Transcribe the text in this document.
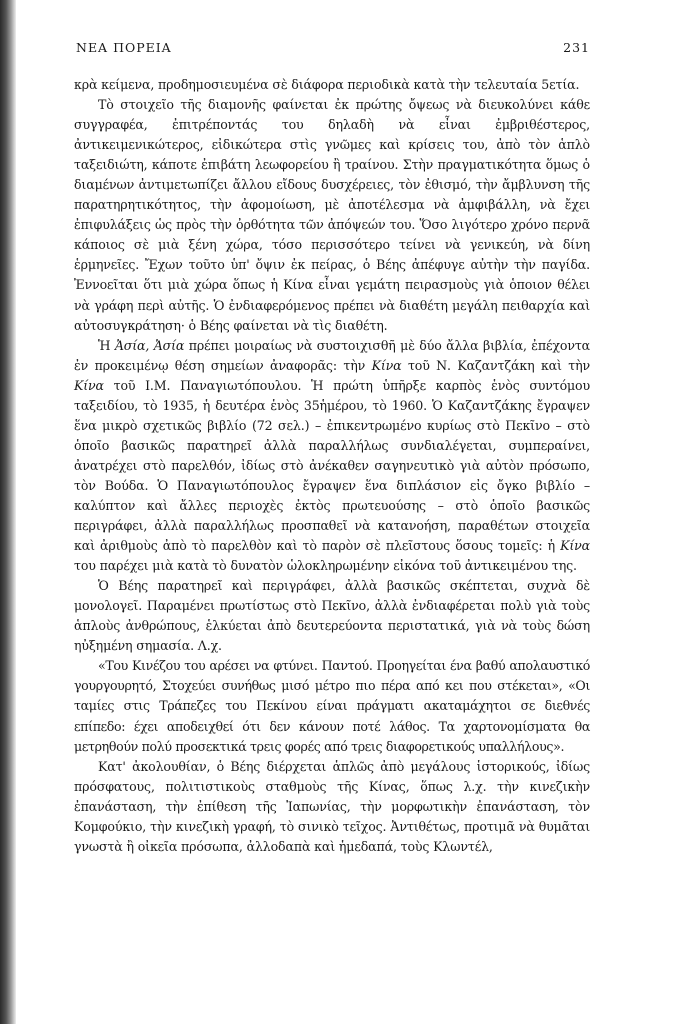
ΝΕΑ ΠΟΡΕΙΑ	231

κρὰ κείμενα, προδημοσιευμένα σὲ διάφορα περιοδικὰ κατὰ τὴν τελευταία 5ετία.

Τὸ στοιχεῖο τῆς διαμονῆς φαίνεται ἐκ πρώτης ὄψεως νὰ διευκολύνει κάθε συγγραφέα, ἐπιτρέποντάς του δηλαδὴ νὰ εἶναι ἐμβριθέστερος, ἀντικειμενικώτερος, εἰδικώτερα στὶς γνῶμες καὶ κρίσεις του, ἀπὸ τὸν ἁπλὸ ταξειδιώτη, κάποτε ἐπιβάτη λεωφορείου ἢ τραίνου. Στὴν πραγματικότητα ὅμως ὁ διαμένων ἀντιμετωπίζει ἄλλου εἴδους δυσχέρειες, τὸν ἐθισμό, τὴν ἄμβλυνση τῆς παρατηρητικότητος, τὴν ἀφομοίωση, μὲ ἀποτέλεσμα νὰ ἀμφιβάλλη, νὰ ἔχει ἐπιφυλάξεις ὡς πρὸς τὴν ὀρθότητα τῶν ἀπόψεών του. Ὅσο λιγότερο χρόνο περνᾶ κάποιος σὲ μιὰ ξένη χώρα, τόσο περισσότερο τείνει νὰ γενικεύη, νὰ δίνη ἑρμηνεῖες. Ἔχων τοῦτο ὑπ' ὄψιν ἐκ πείρας, ὁ Βέης ἀπέφυγε αὐτὴν τὴν παγίδα. Ἐννοεῖται ὅτι μιὰ χώρα ὅπως ἡ Κίνα εἶναι γεμάτη πειρασμοὺς γιὰ ὁποιον θέλει νὰ γράφη περὶ αὐτῆς. Ὁ ἐνδιαφερόμενος πρέπει νὰ διαθέτη μεγάλη πειθαρχία καὶ αὐτοσυγκράτηση· ὁ Βέης φαίνεται νὰ τὶς διαθέτη.

Ἡ Ἀσία, Ἀσία πρέπει μοιραίως νὰ συστοιχισθῆ μὲ δύο ἄλλα βιβλία, ἐπέχοντα ἐν προκειμένῳ θέση σημείων ἀναφορᾶς: τὴν Κίνα τοῦ Ν. Καζαντζάκη καὶ τὴν Κίνα τοῦ Ι.Μ. Παναγιωτόπουλου. Ἡ πρώτη ὑπῆρξε καρπὸς ἑνὸς συντόμου ταξειδίου, τὸ 1935, ἡ δευτέρα ἑνὸς 35ἡμέρου, τὸ 1960. Ὁ Καζαντζάκης ἔγραψεν ἕνα μικρὸ σχετικῶς βιβλίο (72 σελ.) – ἐπικεντρωμένο κυρίως στὸ Πεκῖνο – στὸ ὁποῖο βασικῶς παρατηρεῖ ἀλλὰ παραλλήλως συνδιαλέγεται, συμπεραίνει, ἀνατρέχει στὸ παρελθόν, ἰδίως στὸ ἀνέκαθεν σαγηνευτικὸ γιὰ αὐτὸν πρόσωπο, τὸν Βούδα. Ὁ Παναγιωτόπουλος ἔγραψεν ἕνα διπλάσιον εἰς ὄγκο βιβλίο – καλύπτον καὶ ἄλλες περιοχὲς ἐκτὸς πρωτευούσης – στὸ ὁποῖο βασικῶς περιγράφει, ἀλλὰ παραλλήλως προσπαθεῖ νὰ κατανοήση, παραθέτων στοιχεῖα καὶ ἀριθμοὺς ἀπὸ τὸ παρελθὸν καὶ τὸ παρὸν σὲ πλεῖστους ὅσους τομεῖς: ἡ Κίνα του παρέχει μιὰ κατὰ τὸ δυνατὸν ὡλοκληρωμένην εἰκόνα τοῦ ἀντικειμένου της.

Ὁ Βέης παρατηρεῖ καὶ περιγράφει, ἀλλὰ βασικῶς σκέπτεται, συχνὰ δὲ μονολογεῖ. Παραμένει πρωτίστως στὸ Πεκῖνο, ἀλλὰ ἐνδιαφέρεται πολὺ γιὰ τοὺς ἁπλοὺς ἀνθρώπους, ἑλκύεται ἀπὸ δευτερεύοντα περιστατικά, γιὰ νὰ τοὺς δώση ηὐξημένη σημασία. Λ.χ.

«Του Κινέζου του αρέσει να φτύνει. Παντού. Προηγείται ένα βαθύ απολαυστικό γουργουρητό, Στοχεύει συνήθως μισό μέτρο πιο πέρα από κει που στέκεται», «Οι ταμίες στις Τράπεζες του Πεκίνου είναι πράγματι ακαταμάχητοι σε διεθνές επίπεδο: έχει αποδειχθεί ότι δεν κάνουν ποτέ λάθος. Τα χαρτονομίσματα θα μετρηθούν πολύ προσεκτικά τρεις φορές από τρεις διαφορετικούς υπαλλήλους».

Κατ' ἀκολουθίαν, ὁ Βέης διέρχεται ἁπλῶς ἀπὸ μεγάλους ἱστορικούς, ἰδίως πρόσφατους, πολιτιστικοὺς σταθμοὺς τῆς Κίνας, ὅπως λ.χ. τὴν κινεζικὴν ἐπανάσταση, τὴν ἐπίθεση τῆς Ἰαπωνίας, τὴν μορφωτικὴν ἐπανάσταση, τὸν Κομφούκιο, τὴν κινεζικὴ γραφή, τὸ σινικὸ τεῖχος. Ἀντιθέτως, προτιμᾶ νὰ θυμᾶται γνωστὰ ἢ οἰκεῖα πρόσωπα, ἀλλοδαπὰ καὶ ἡμεδαπά, τοὺς Κλωντέλ,
